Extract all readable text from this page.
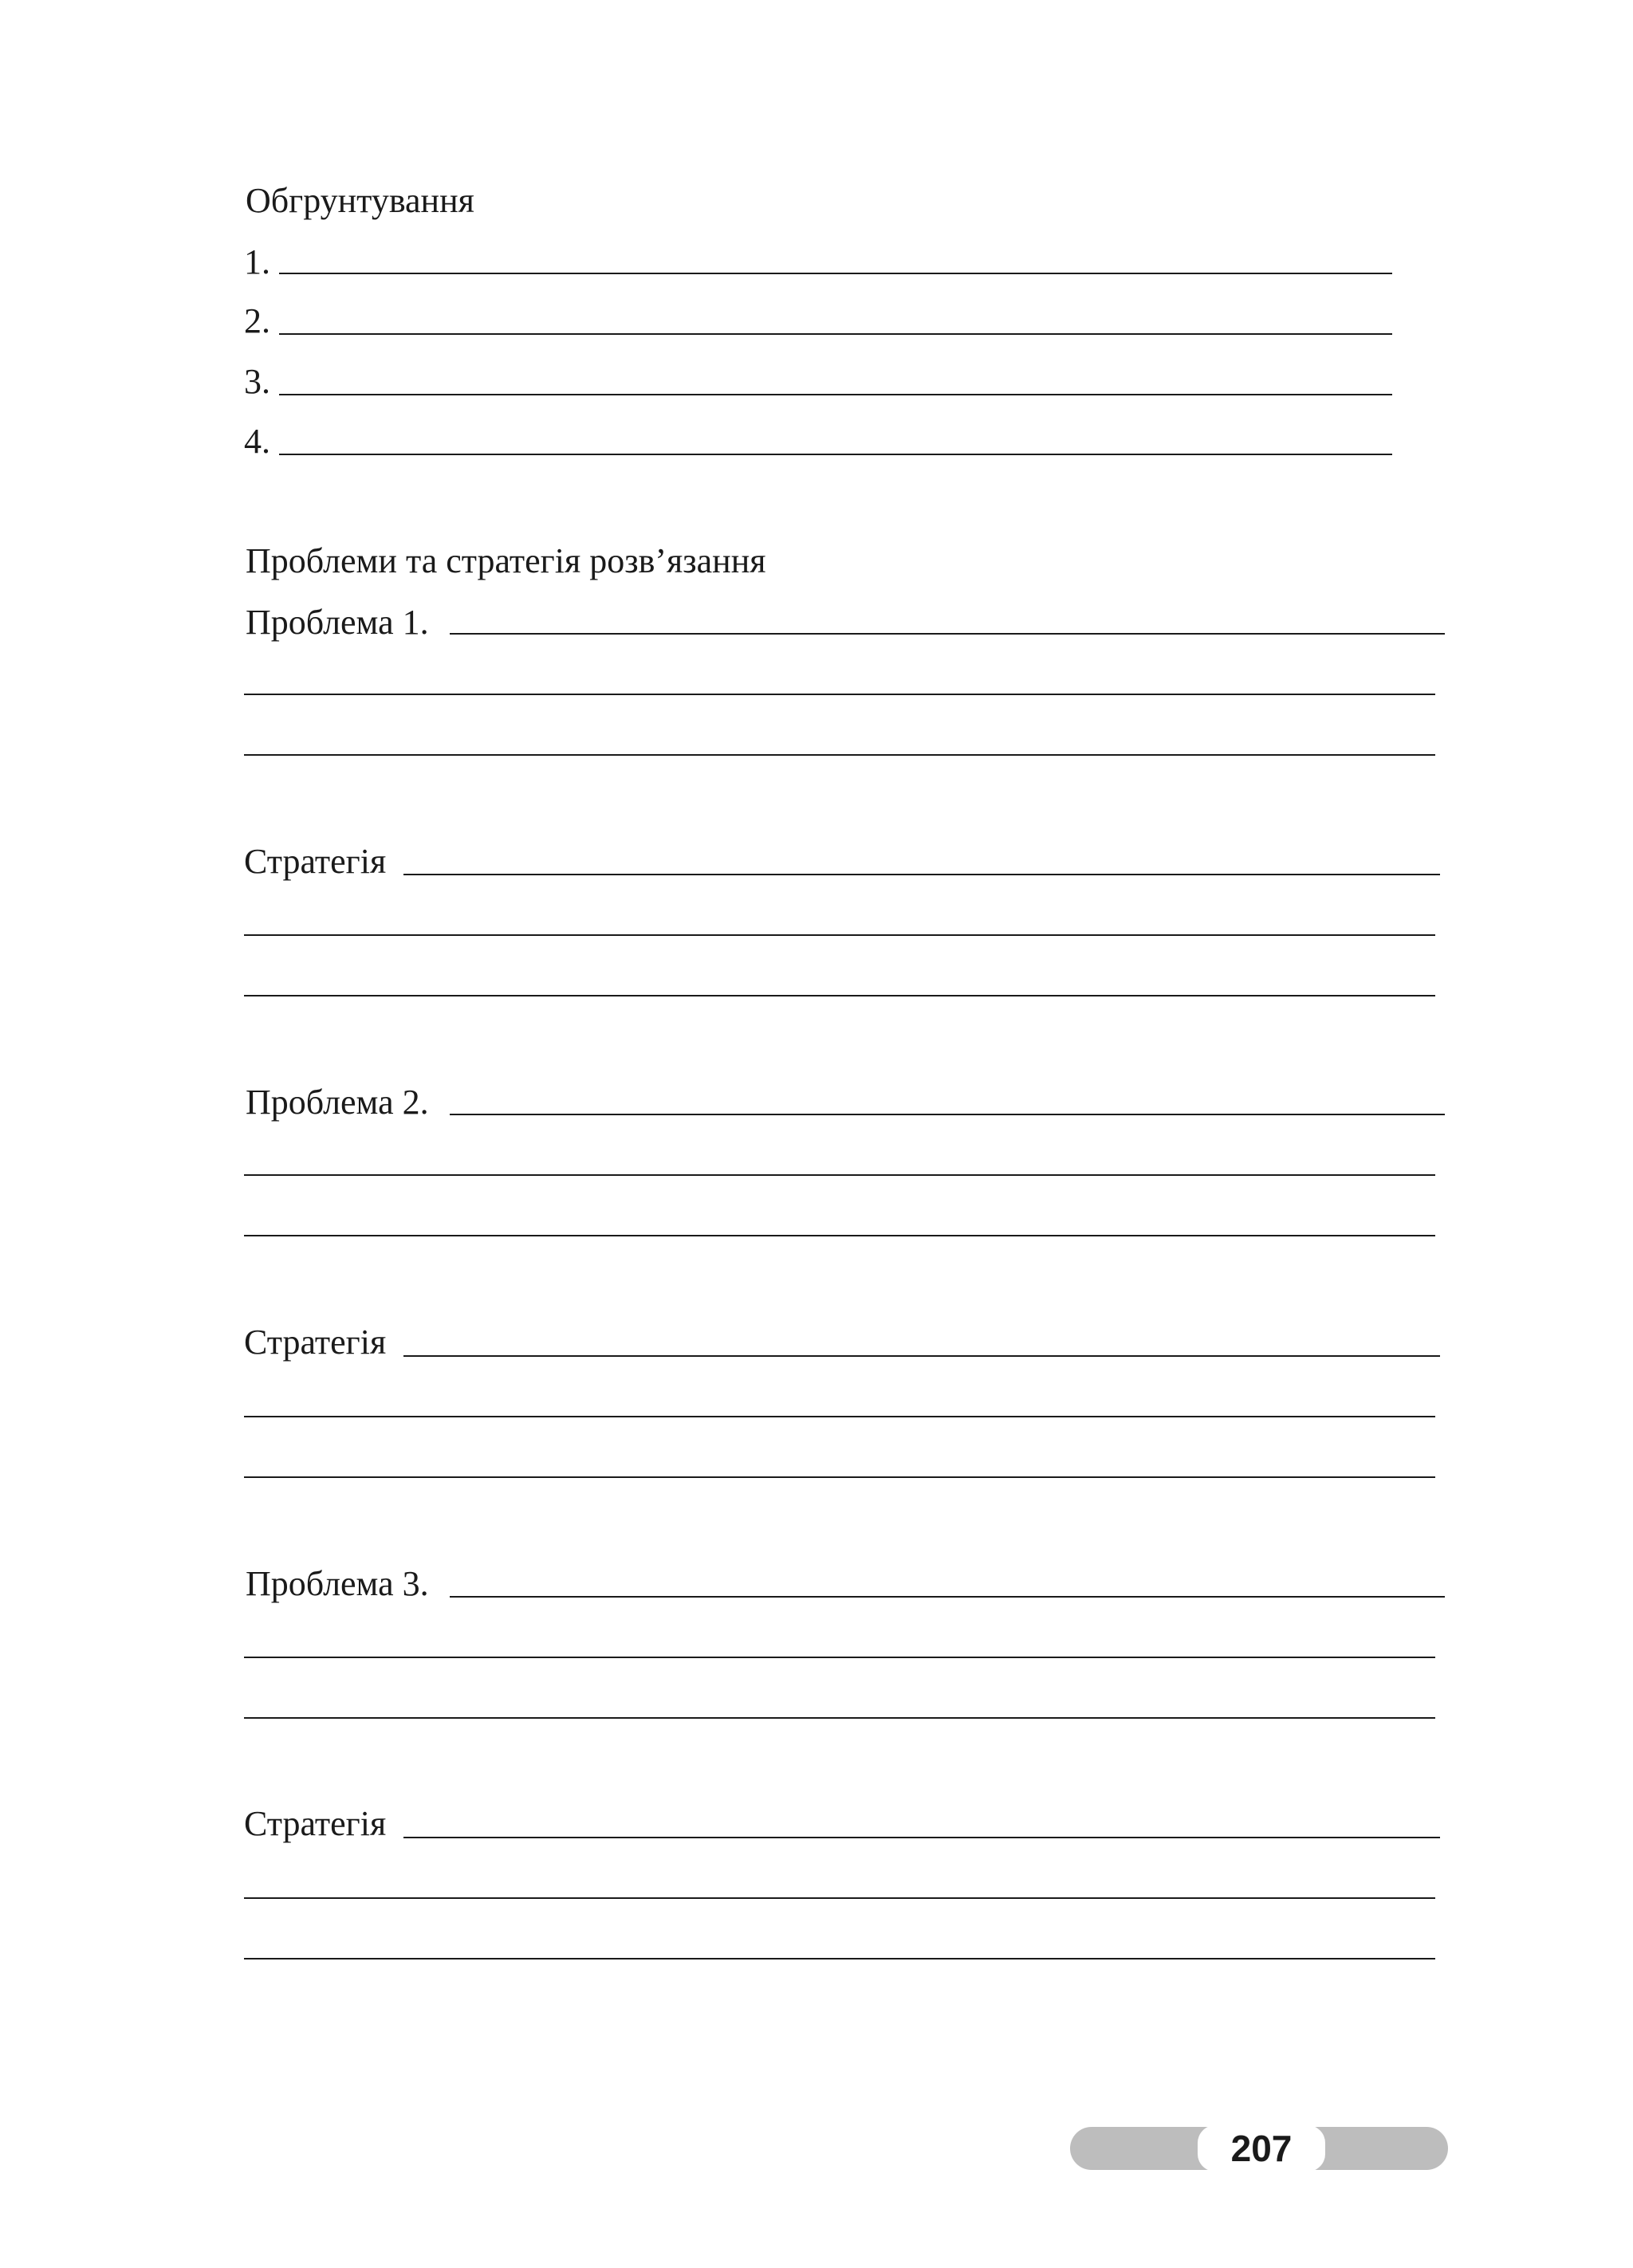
Обгрунтування
1.
2.
3.
4.
Проблеми та стратегія розв’язання
Проблема 1.
Стратегія
Проблема 2.
Стратегія
Проблема 3.
Стратегія
207
